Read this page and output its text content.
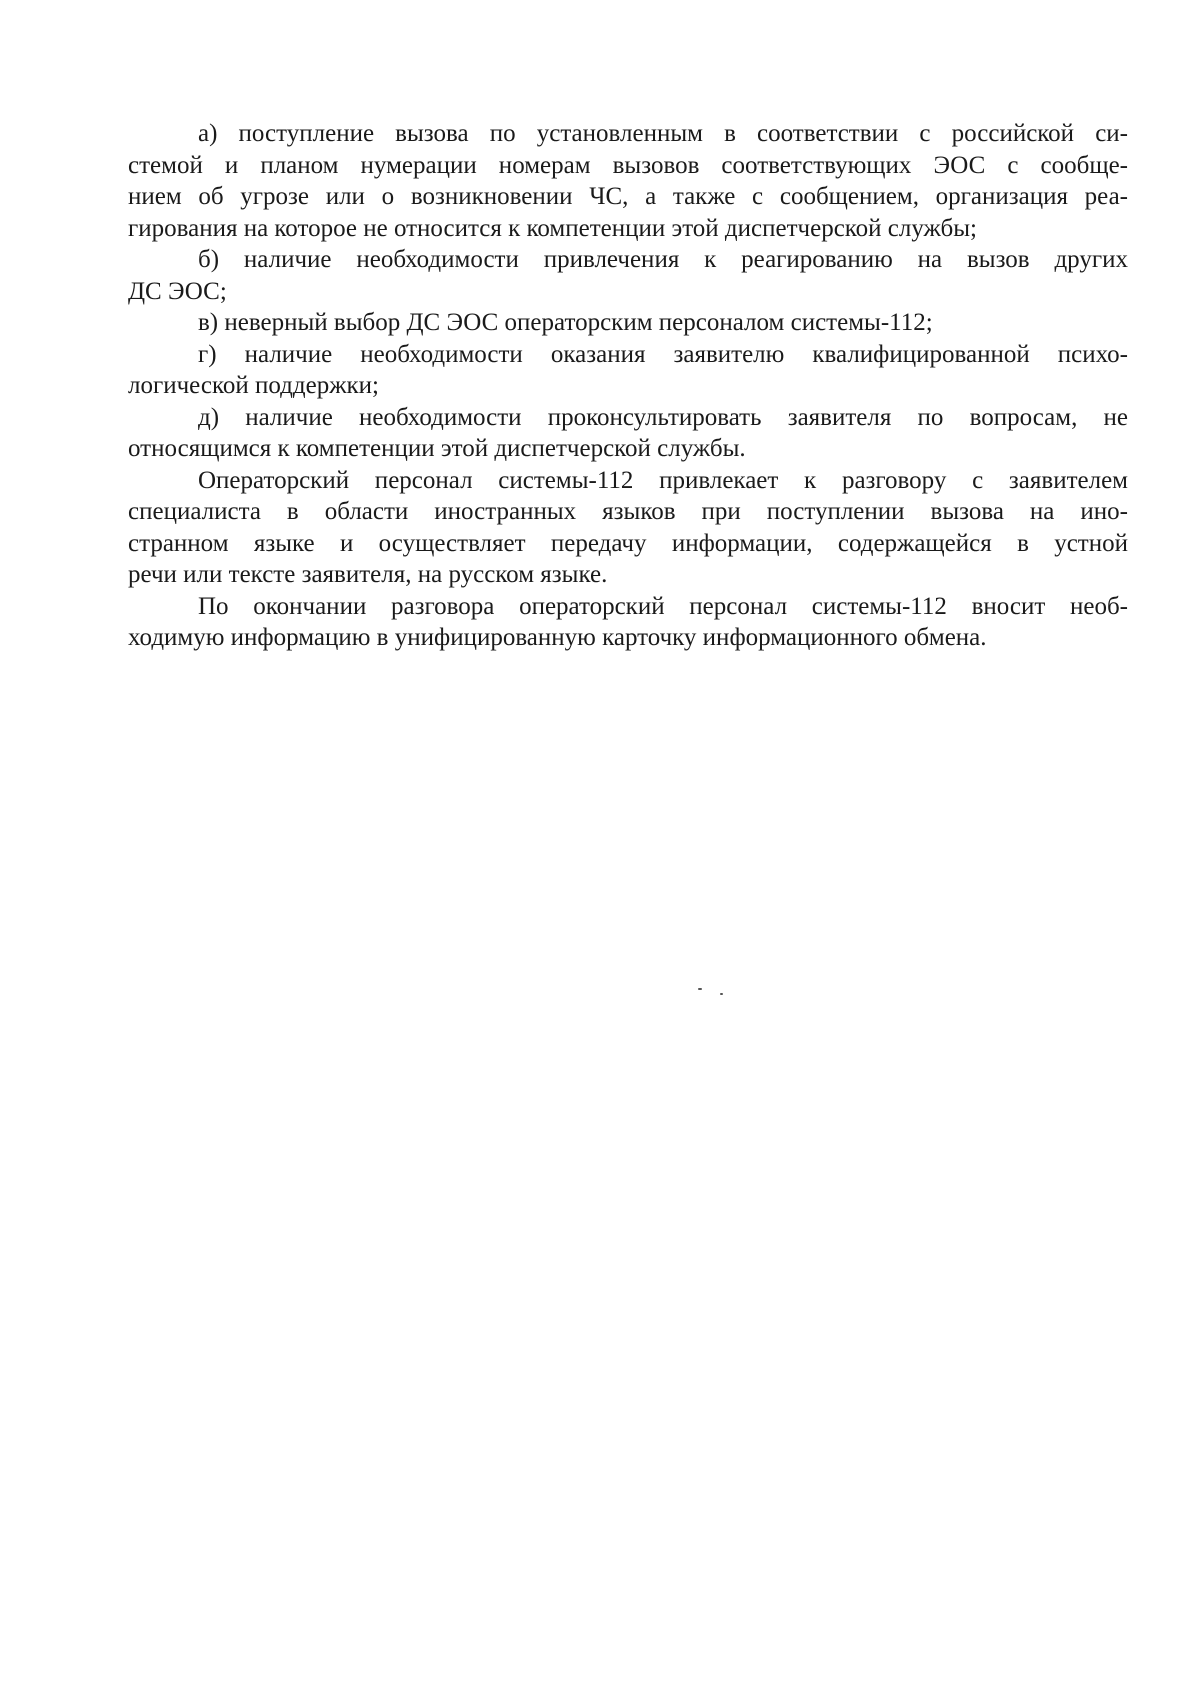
а) поступление вызова по установленным в соответствии с российской си-
стемой и планом нумерации номерам вызовов соответствующих ЭОС с сообще-
нием об угрозе или о возникновении ЧС, а также с сообщением, организация реа-
гирования на которое не относится к компетенции этой диспетчерской службы;

б) наличие необходимости привлечения к реагированию на вызов других
ДС ЭОС;

в) неверный выбор ДС ЭОС операторским персоналом системы-112;

г) наличие необходимости оказания заявителю квалифицированной психо-
логической поддержки;

д) наличие необходимости проконсультировать заявителя по вопросам, не
относящимся к компетенции этой диспетчерской службы.

Операторский персонал системы-112 привлекает к разговору с заявителем
специалиста в области иностранных языков при поступлении вызова на ино-
странном языке и осуществляет передачу информации, содержащейся в устной
речи или тексте заявителя, на русском языке.

По окончании разговора операторский персонал системы-112 вносит необ-
ходимую информацию в унифицированную карточку информационного обмена.
